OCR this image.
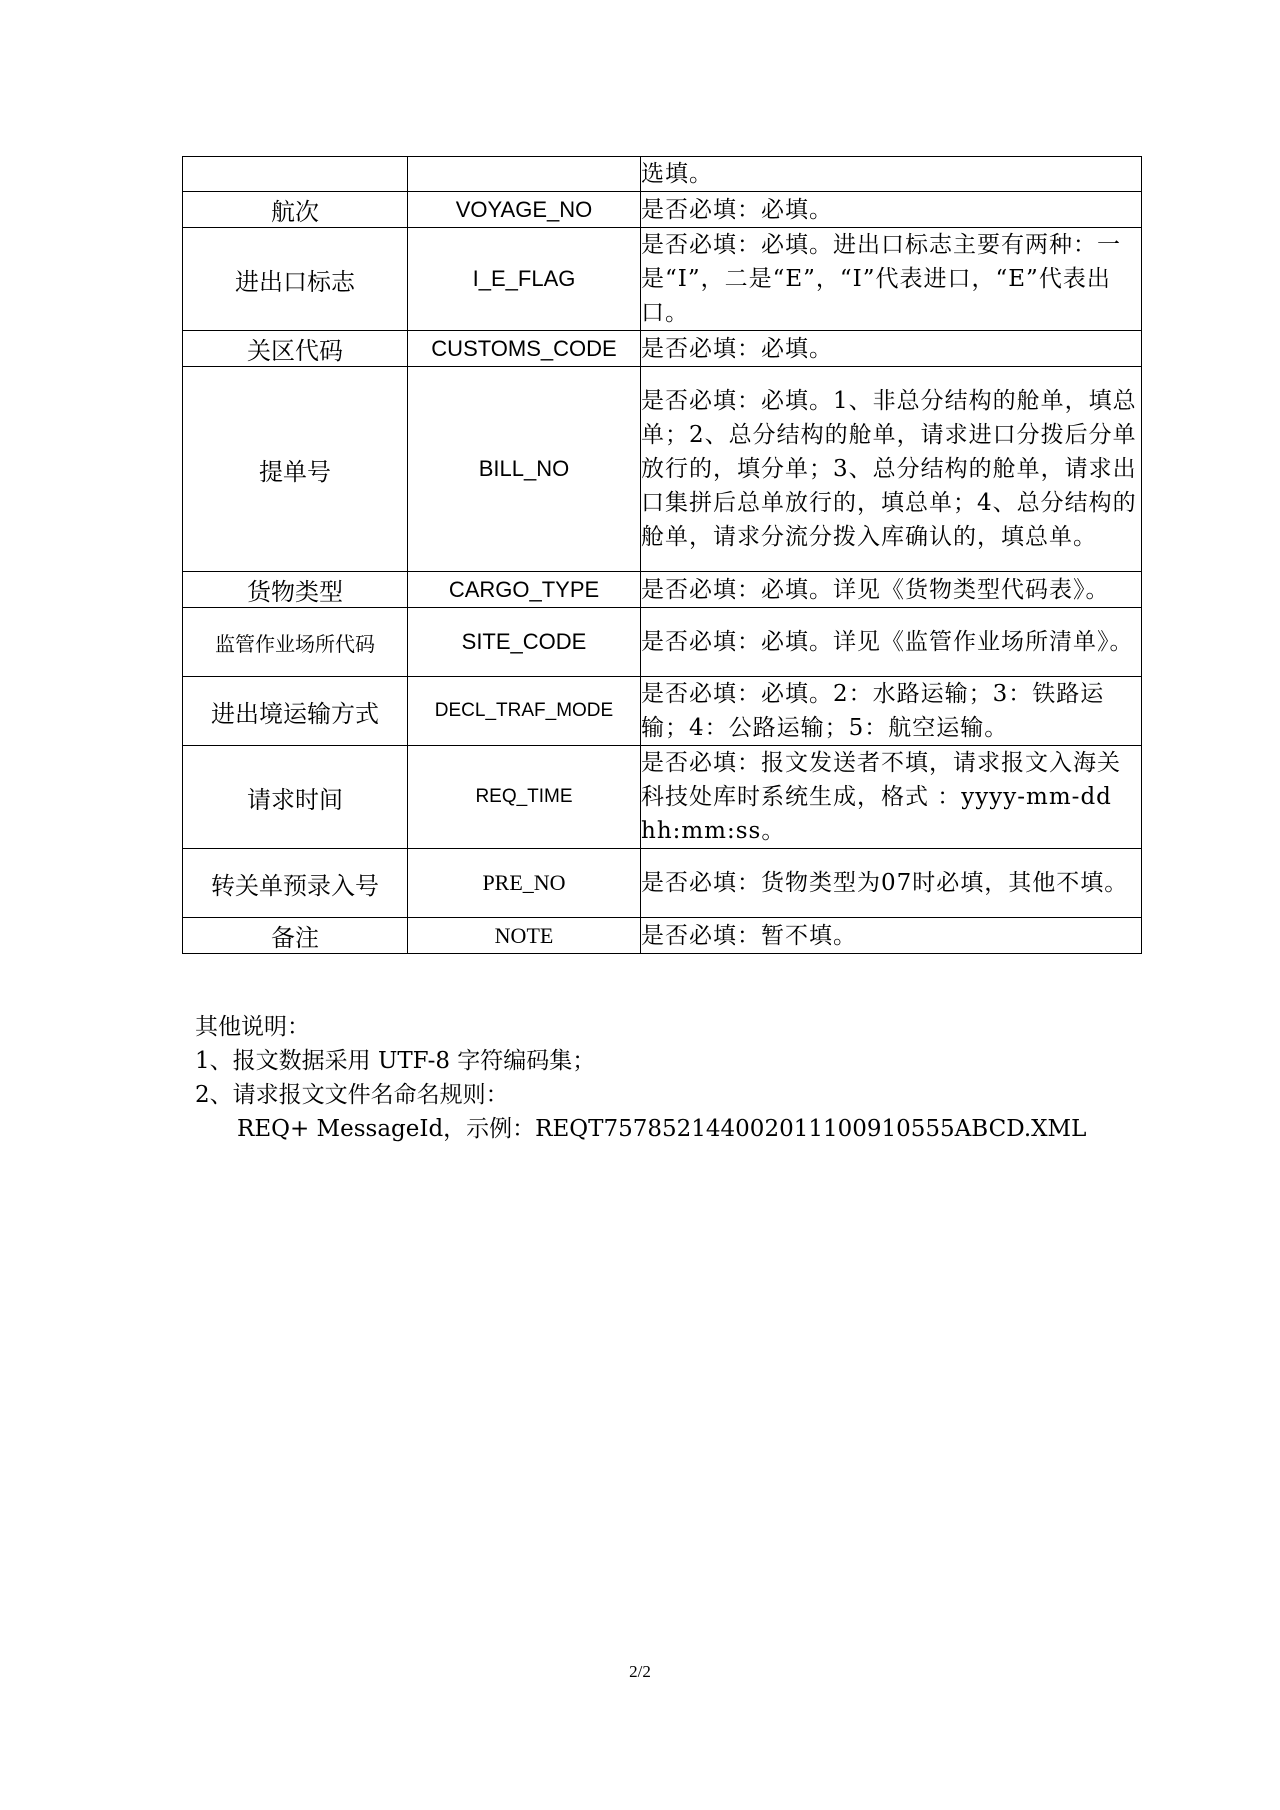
		选填。
航次	VOYAGE_NO	是否必填：必填。
进出口标志	I_E_FLAG	是否必填：必填。进出口标志主要有两种：一是“I”，二是“E”，“I”代表进口，“E”代表出口。
关区代码	CUSTOMS_CODE	是否必填：必填。
提单号	BILL_NO	是否必填：必填。1、非总分结构的舱单，填总单；2、总分结构的舱单，请求进口分拨后分单放行的，填分单；3、总分结构的舱单，请求出口集拼后总单放行的，填总单；4、总分结构的舱单，请求分流分拨入库确认的，填总单。
货物类型	CARGO_TYPE	是否必填：必填。详见《货物类型代码表》。
监管作业场所代码	SITE_CODE	是否必填：必填。详见《监管作业场所清单》。
进出境运输方式	DECL_TRAF_MODE	是否必填：必填。2：水路运输；3：铁路运输；4：公路运输；5：航空运输。
请求时间	REQ_TIME	是否必填：报文发送者不填，请求报文入海关科技处库时系统生成，格式 ：yyyy-mm-dd hh:mm:ss。
转关单预录入号	PRE_NO	是否必填：货物类型为07时必填，其他不填。
备注	NOTE	是否必填：暂不填。
其他说明：
1、报文数据采用 UTF-8 字符编码集；
2、请求报文文件名命名规则：
REQ+ MessageId，示例：REQT757852144002011100910555ABCD.XML
2/2
